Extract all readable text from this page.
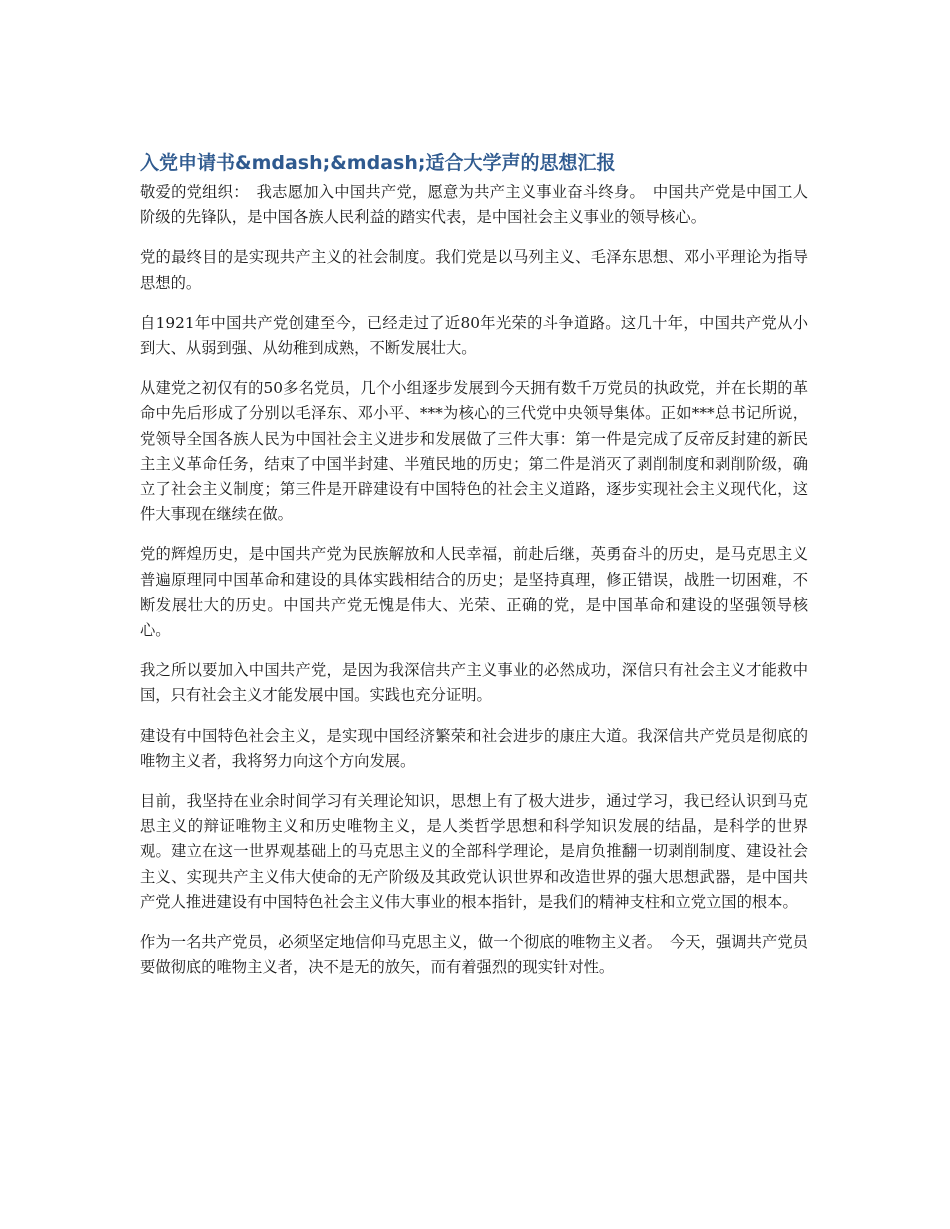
入党申请书&mdash;&mdash;适合大学声的思想汇报

敬爱的党组织：　我志愿加入中国共产党，愿意为共产主义事业奋斗终身。　中国共产党是中国工人阶级的先锋队，是中国各族人民利益的踏实代表，是中国社会主义事业的领导核心。

党的最终目的是实现共产主义的社会制度。我们党是以马列主义、毛泽东思想、邓小平理论为指导思想的。

自1921年中国共产党创建至今，已经走过了近80年光荣的斗争道路。这几十年，中国共产党从小到大、从弱到强、从幼稚到成熟，不断发展壮大。

从建党之初仅有的50多名党员，几个小组逐步发展到今天拥有数千万党员的执政党，并在长期的革命中先后形成了分别以毛泽东、邓小平、***为核心的三代党中央领导集体。正如***总书记所说，党领导全国各族人民为中国社会主义进步和发展做了三件大事：第一件是完成了反帝反封建的新民主主义革命任务，结束了中国半封建、半殖民地的历史；第二件是消灭了剥削制度和剥削阶级，确立了社会主义制度；第三件是开辟建设有中国特色的社会主义道路，逐步实现社会主义现代化，这件大事现在继续在做。

党的辉煌历史，是中国共产党为民族解放和人民幸福，前赴后继，英勇奋斗的历史，是马克思主义普遍原理同中国革命和建设的具体实践相结合的历史；是坚持真理，修正错误，战胜一切困难，不断发展壮大的历史。中国共产党无愧是伟大、光荣、正确的党，是中国革命和建设的坚强领导核心。

我之所以要加入中国共产党，是因为我深信共产主义事业的必然成功，深信只有社会主义才能救中国，只有社会主义才能发展中国。实践也充分证明。

建设有中国特色社会主义，是实现中国经济繁荣和社会进步的康庄大道。我深信共产党员是彻底的唯物主义者，我将努力向这个方向发展。

目前，我坚持在业余时间学习有关理论知识，思想上有了极大进步，通过学习，我已经认识到马克思主义的辩证唯物主义和历史唯物主义，是人类哲学思想和科学知识发展的结晶，是科学的世界观。建立在这一世界观基础上的马克思主义的全部科学理论，是肩负推翻一切剥削制度、建设社会主义、实现共产主义伟大使命的无产阶级及其政党认识世界和改造世界的强大思想武器，是中国共产党人推进建设有中国特色社会主义伟大事业的根本指针，是我们的精神支柱和立党立国的根本。

作为一名共产党员，必须坚定地信仰马克思主义，做一个彻底的唯物主义者。　今天，强调共产党员要做彻底的唯物主义者，决不是无的放矢，而有着强烈的现实针对性。
